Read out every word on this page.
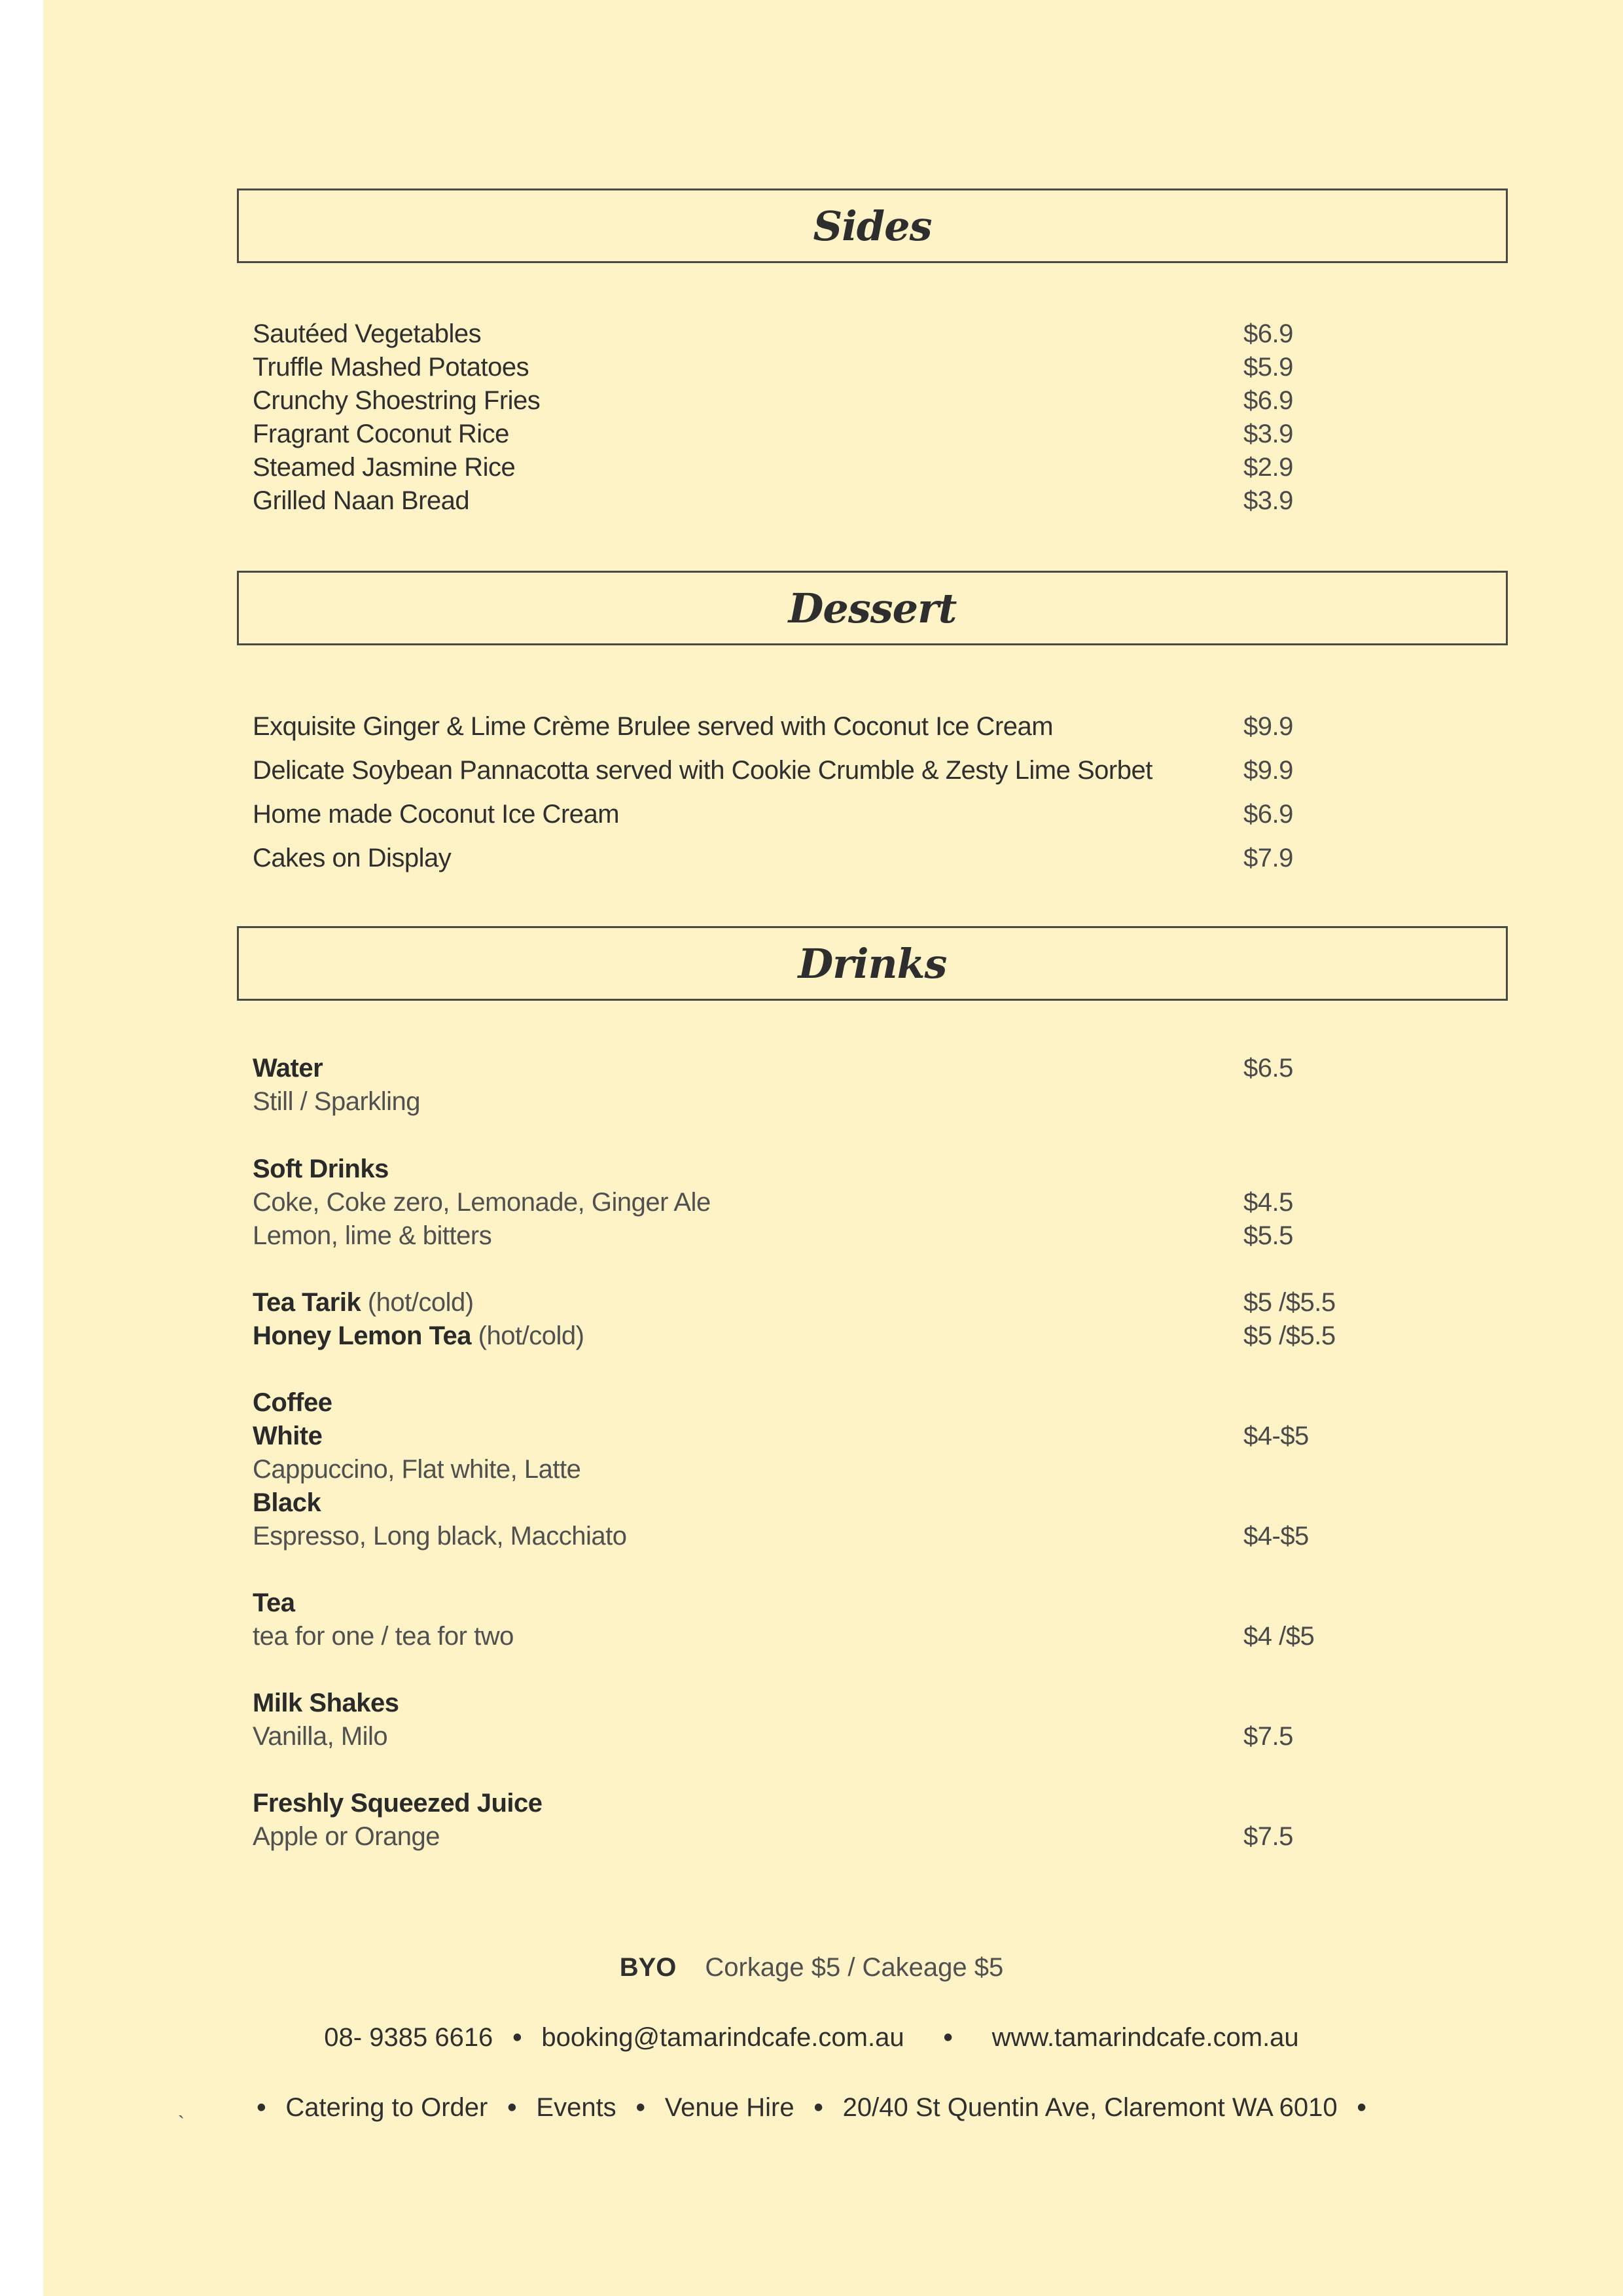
Sides
Sautéed Vegetables	$6.9
Truffle Mashed Potatoes	$5.9
Crunchy Shoestring Fries	$6.9
Fragrant Coconut Rice	$3.9
Steamed Jasmine Rice	$2.9
Grilled Naan Bread	$3.9
Dessert
Exquisite Ginger & Lime Crème Brulee served with Coconut Ice Cream	$9.9
Delicate Soybean Pannacotta served with Cookie Crumble & Zesty Lime Sorbet	$9.9
Home made Coconut Ice Cream	$6.9
Cakes on Display	$7.9
Drinks
Water	$6.5
Still / Sparkling
Soft Drinks
Coke, Coke zero, Lemonade, Ginger Ale	$4.5
Lemon, lime & bitters	$5.5
Tea Tarik (hot/cold)	$5 /$5.5
Honey Lemon Tea (hot/cold)	$5 /$5.5
Coffee
White	$4-$5
Cappuccino, Flat white, Latte
Black
Espresso, Long black, Macchiato	$4-$5
Tea
tea for one / tea for two	$4 /$5
Milk Shakes
Vanilla, Milo	$7.5
Freshly Squeezed Juice
Apple or Orange	$7.5
BYO Corkage $5 / Cakeage $5
08- 9385 6616 • booking@tamarindcafe.com.au • www.tamarindcafe.com.au
`
• Catering to Order • Events • Venue Hire • 20/40 St Quentin Ave, Claremont WA 6010 •
